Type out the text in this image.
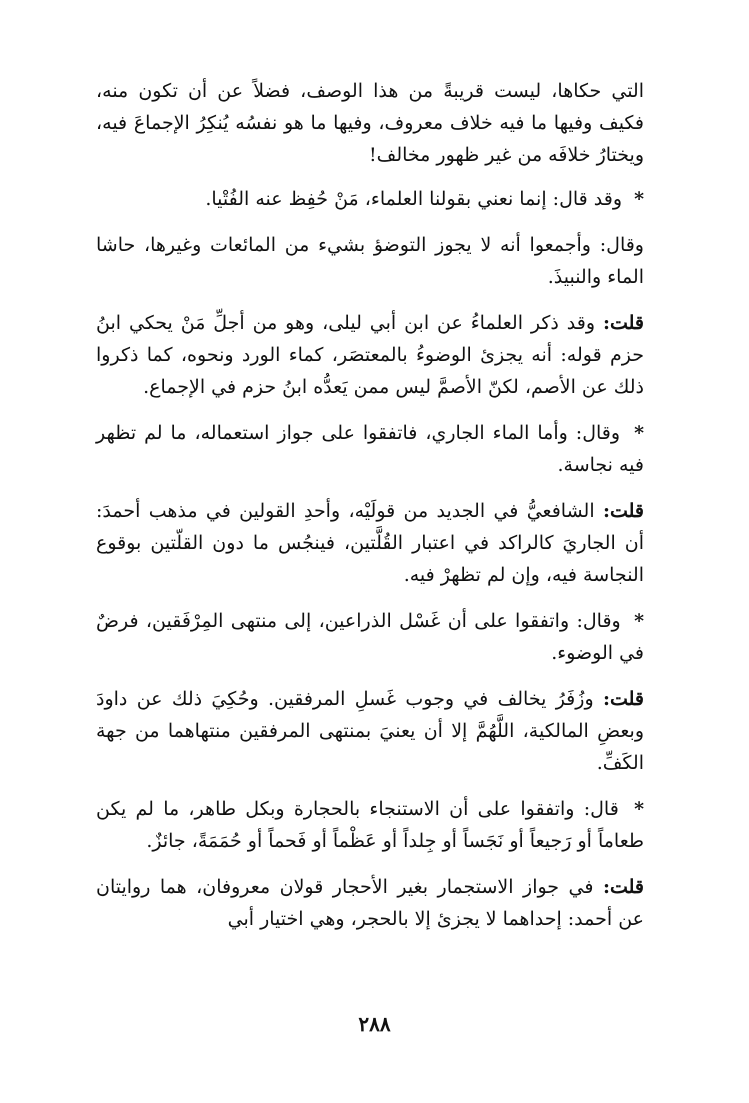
التي حكاها، ليست قريبةً من هذا الوصف، فضلاً عن أن تكون منه، فكيف وفيها ما فيه خلاف معروف، وفيها ما هو نفسُه يُنكِرُ الإجماعَ فيه، ويختارُ خلافَه من غير ظهور مخالف!

* وقد قال: إنما نعني بقولنا العلماء، مَنْ حُفِظ عنه الفُتْيا.

وقال: وأجمعوا أنه لا يجوز التوضؤ بشيء من المائعات وغيرها، حاشا الماء والنبيذَ.

قلت: وقد ذكر العلماءُ عن ابن أبي ليلى، وهو من أجلِّ مَنْ يحكي ابنُ حزم قوله: أنه يجزئ الوضوءُ بالمعتصَر، كماء الورد ونحوه، كما ذكروا ذلك عن الأصم، لكنّ الأصمَّ ليس ممن يَعدُّه ابنُ حزم في الإجماع.

* وقال: وأما الماء الجاري، فاتفقوا على جواز استعماله، ما لم تظهر فيه نجاسة.

قلت: الشافعيُّ في الجديد من قولَيْه، وأحدِ القولين في مذهب أحمدَ: أن الجاريَ كالراكد في اعتبار القُلَّتين، فينجُس ما دون القلّتين بوقوع النجاسة فيه، وإن لم تظهرْ فيه.

* وقال: واتفقوا على أن غَسْل الذراعين، إلى منتهى المِرْفَقين، فرضٌ في الوضوء.

قلت: وزُفَرُ يخالف في وجوب غَسلِ المرفقين. وحُكِيَ ذلك عن داودَ وبعضِ المالكية، اللَّهُمَّ إلا أن يعنيَ بمنتهى المرفقين منتهاهما من جهة الكَفِّ.

* قال: واتفقوا على أن الاستنجاء بالحجارة وبكل طاهر، ما لم يكن طعاماً أو رَجيعاً أو نَجَساً أو جِلداً أو عَظْماً أو فَحماً أو حُمَمَةً، جائزٌ.

قلت: في جواز الاستجمار بغير الأحجار قولان معروفان، هما روايتان عن أحمد: إحداهما لا يجزئ إلا بالحجر، وهي اختيار أبي

٢٨٨
